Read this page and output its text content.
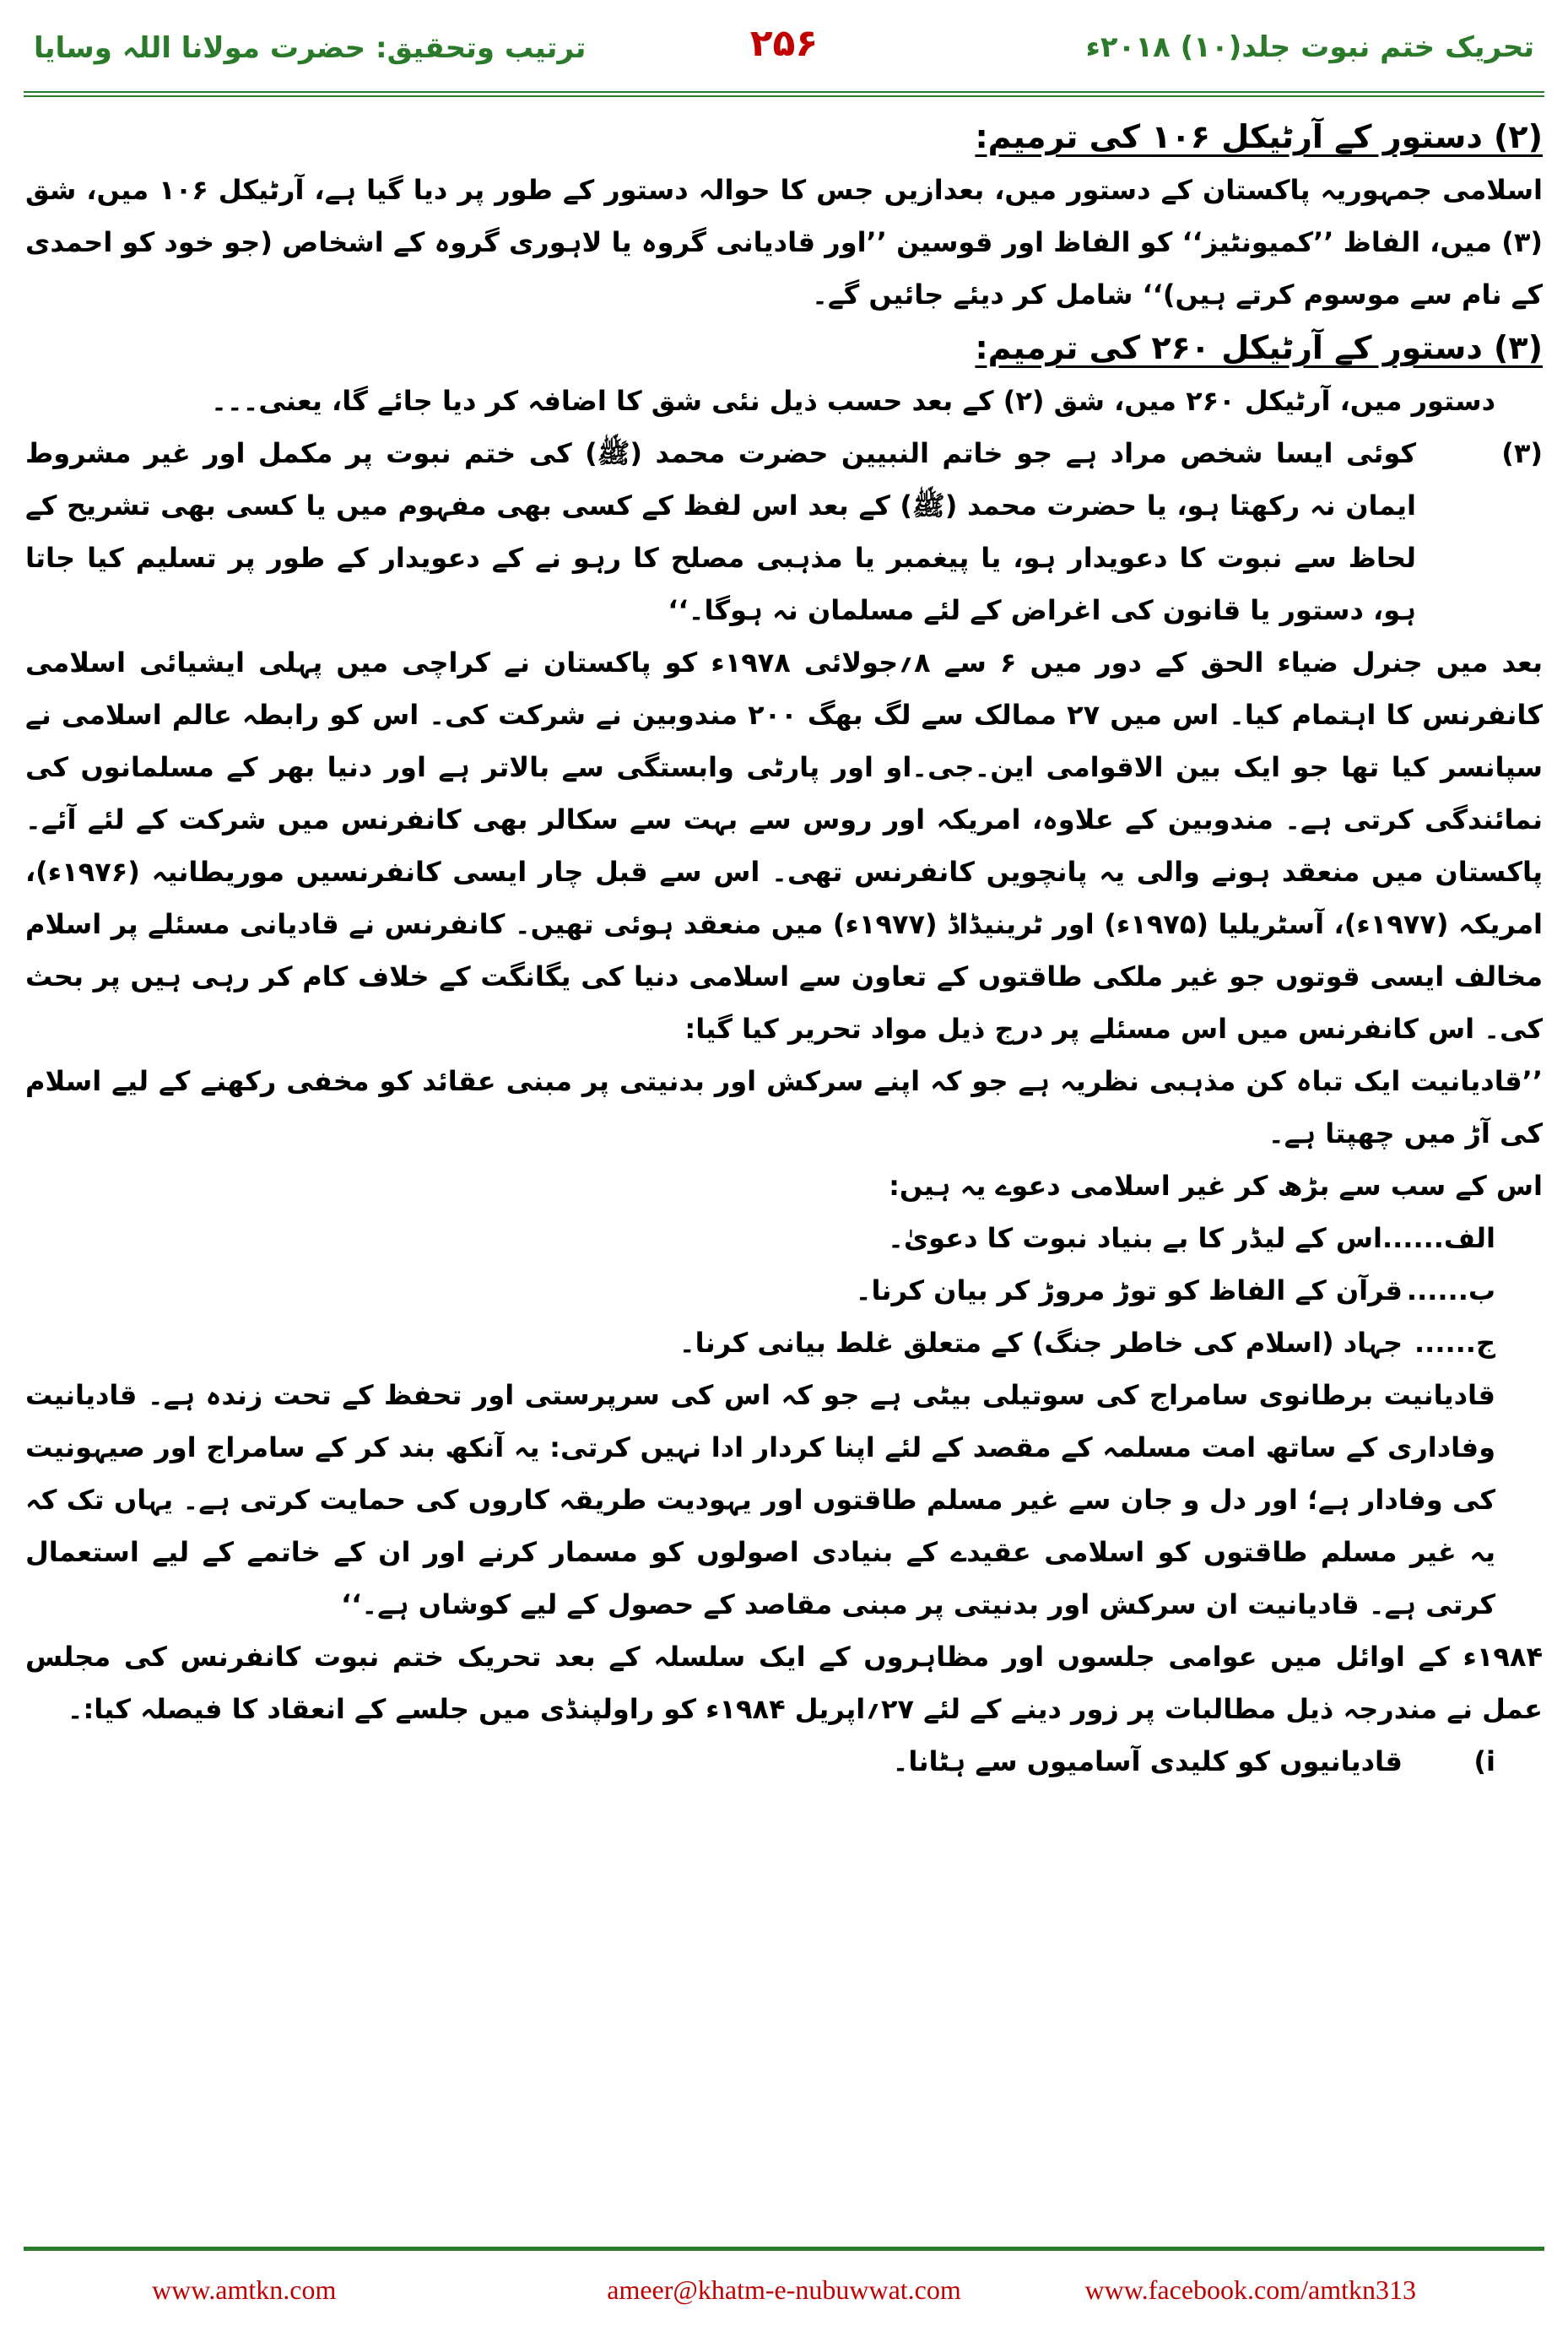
ترتیب وتحقیق: حضرت مولانا اللہ وسایا	۲۵۶	تحریک ختم نبوت جلد(۱۰) ۲۰۱۸ء

(۲) دستور کے آرٹیکل ۱۰۶ کی ترمیم:

اسلامی جمہوریہ پاکستان کے دستور میں، بعدازیں جس کا حوالہ دستور کے طور پر دیا گیا ہے، آرٹیکل ۱۰۶ میں، شق (۳) میں، الفاظ ’’کمیونٹیز‘‘ کو الفاظ اور قوسین ’’اور قادیانی گروہ یا لاہوری گروہ کے اشخاص (جو خود کو احمدی کے نام سے موسوم کرتے ہیں)‘‘ شامل کر دیئے جائیں گے۔

(۳) دستور کے آرٹیکل ۲۶۰ کی ترمیم:

دستور میں، آرٹیکل ۲۶۰ میں، شق (۲) کے بعد حسب ذیل نئی شق کا اضافہ کر دیا جائے گا، یعنی۔۔۔

(۳)
کوئی ایسا شخص مراد ہے جو خاتم النبیین حضرت محمد (ﷺ) کی ختم نبوت پر مکمل اور غیر مشروط ایمان نہ رکھتا ہو، یا حضرت محمد (ﷺ) کے بعد اس لفظ کے کسی بھی مفہوم میں یا کسی بھی تشریح کے لحاظ سے نبوت کا دعویدار ہو، یا پیغمبر یا مذہبی مصلح کا رہو نے کے دعویدار کے طور پر تسلیم کیا جاتا ہو، دستور یا قانون کی اغراض کے لئے مسلمان نہ ہوگا۔‘‘

بعد میں جنرل ضیاء الحق کے دور میں ۶ سے ۸؍جولائی ۱۹۷۸ء کو پاکستان نے کراچی میں پہلی ایشیائی اسلامی کانفرنس کا اہتمام کیا۔ اس میں ۲۷ ممالک سے لگ بھگ ۲۰۰ مندوبین نے شرکت کی۔ اس کو رابطہ عالم اسلامی نے سپانسر کیا تھا جو ایک بین الاقوامی این۔جی۔او اور پارٹی وابستگی سے بالاتر ہے اور دنیا بھر کے مسلمانوں کی نمائندگی کرتی ہے۔ مندوبین کے علاوہ، امریکہ اور روس سے بہت سے سکالر بھی کانفرنس میں شرکت کے لئے آئے۔ پاکستان میں منعقد ہونے والی یہ پانچویں کانفرنس تھی۔ اس سے قبل چار ایسی کانفرنسیں موریطانیہ (۱۹۷۶ء)، امریکہ (۱۹۷۷ء)، آسٹریلیا (۱۹۷۵ء) اور ٹرینیڈاڈ (۱۹۷۷ء) میں منعقد ہوئی تھیں۔ کانفرنس نے قادیانی مسئلے پر اسلام مخالف ایسی قوتوں جو غیر ملکی طاقتوں کے تعاون سے اسلامی دنیا کی یگانگت کے خلاف کام کر رہی ہیں پر بحث کی۔ اس کانفرنس میں اس مسئلے پر درج ذیل مواد تحریر کیا گیا:

’’قادیانیت ایک تباہ کن مذہبی نظریہ ہے جو کہ اپنے سرکش اور بدنیتی پر مبنی عقائد کو مخفی رکھنے کے لیے اسلام کی آڑ میں چھپتا ہے۔

اس کے سب سے بڑھ کر غیر اسلامی دعوے یہ ہیں:

الف......اس کے لیڈر کا بے بنیاد نبوت کا دعویٰ۔

ب......قرآن کے الفاظ کو توڑ مروڑ کر بیان کرنا۔

ج......جہاد (اسلام کی خاطر جنگ) کے متعلق غلط بیانی کرنا۔

قادیانیت برطانوی سامراج کی سوتیلی بیٹی ہے جو کہ اس کی سرپرستی اور تحفظ کے تحت زندہ ہے۔ قادیانیت وفاداری کے ساتھ امت مسلمہ کے مقصد کے لئے اپنا کردار ادا نہیں کرتی: یہ آنکھ بند کر کے سامراج اور صیہونیت کی وفادار ہے؛ اور دل و جان سے غیر مسلم طاقتوں اور یہودیت طریقہ کاروں کی حمایت کرتی ہے۔ یہاں تک کہ یہ غیر مسلم طاقتوں کو اسلامی عقیدے کے بنیادی اصولوں کو مسمار کرنے اور ان کے خاتمے کے لیے استعمال کرتی ہے۔ قادیانیت ان سرکش اور بدنیتی پر مبنی مقاصد کے حصول کے لیے کوشاں ہے۔‘‘

۱۹۸۴ء کے اوائل میں عوامی جلسوں اور مظاہروں کے ایک سلسلہ کے بعد تحریک ختم نبوت کانفرنس کی مجلس عمل نے مندرجہ ذیل مطالبات پر زور دینے کے لئے ۲۷؍اپریل ۱۹۸۴ء کو راولپنڈی میں جلسے کے انعقاد کا فیصلہ کیا:۔

i)قادیانیوں کو کلیدی آسامیوں سے ہٹانا۔

www.amtkn.com	ameer@khatm-e-nubuwwat.com	www.facebook.com/amtkn313
